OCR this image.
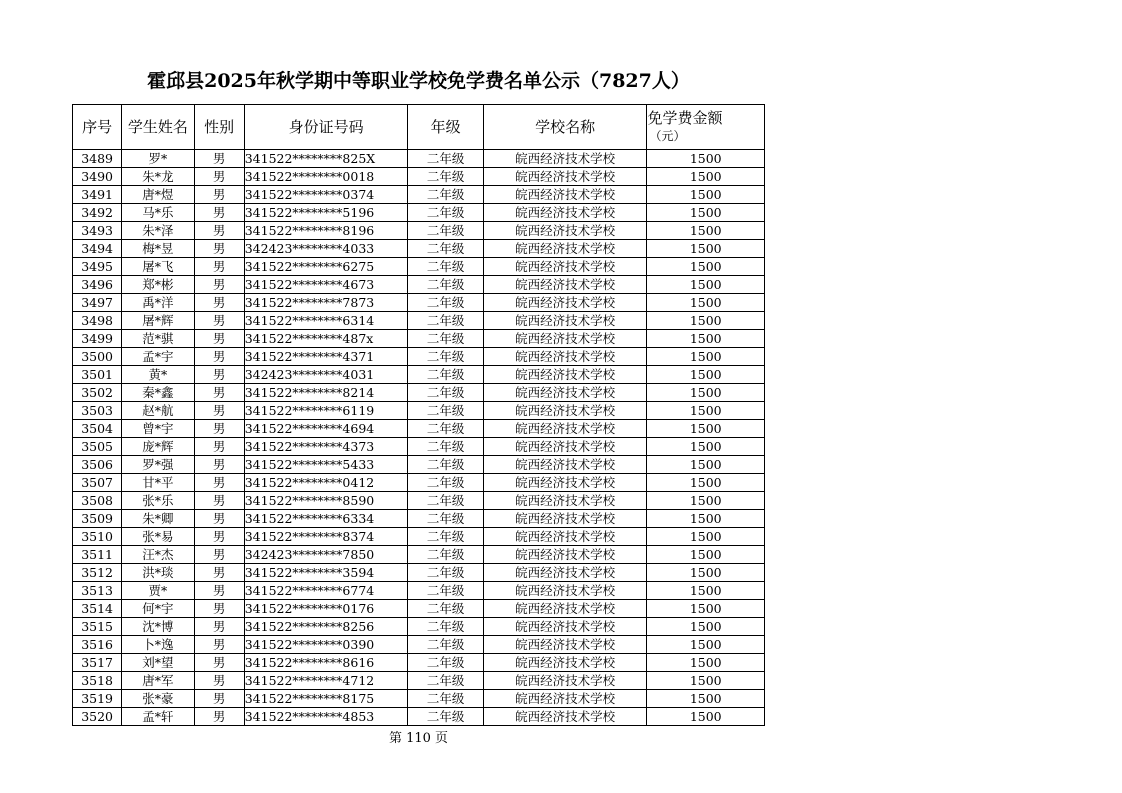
霍邱县2025年秋学期中等职业学校免学费名单公示（7827人）
序号	学生姓名	性别	身份证号码	年级	学校名称	免学费金额
（元）

3489	罗*	男	341522********825X	二年级	皖西经济技术学校	1500
3490	朱*龙	男	341522********0018	二年级	皖西经济技术学校	1500
3491	唐*煜	男	341522********0374	二年级	皖西经济技术学校	1500
3492	马*乐	男	341522********5196	二年级	皖西经济技术学校	1500
3493	朱*泽	男	341522********8196	二年级	皖西经济技术学校	1500
3494	梅*昱	男	342423********4033	二年级	皖西经济技术学校	1500
3495	屠*飞	男	341522********6275	二年级	皖西经济技术学校	1500
3496	郑*彬	男	341522********4673	二年级	皖西经济技术学校	1500
3497	禹*洋	男	341522********7873	二年级	皖西经济技术学校	1500
3498	屠*辉	男	341522********6314	二年级	皖西经济技术学校	1500
3499	范*骐	男	341522********487x	二年级	皖西经济技术学校	1500
3500	孟*宇	男	341522********4371	二年级	皖西经济技术学校	1500
3501	黄*	男	342423********4031	二年级	皖西经济技术学校	1500
3502	秦*鑫	男	341522********8214	二年级	皖西经济技术学校	1500
3503	赵*航	男	341522********6119	二年级	皖西经济技术学校	1500
3504	曾*宇	男	341522********4694	二年级	皖西经济技术学校	1500
3505	庞*辉	男	341522********4373	二年级	皖西经济技术学校	1500
3506	罗*强	男	341522********5433	二年级	皖西经济技术学校	1500
3507	甘*平	男	341522********0412	二年级	皖西经济技术学校	1500
3508	张*乐	男	341522********8590	二年级	皖西经济技术学校	1500
3509	朱*卿	男	341522********6334	二年级	皖西经济技术学校	1500
3510	张*易	男	341522********8374	二年级	皖西经济技术学校	1500
3511	汪*杰	男	342423********7850	二年级	皖西经济技术学校	1500
3512	洪*琰	男	341522********3594	二年级	皖西经济技术学校	1500
3513	贾*	男	341522********6774	二年级	皖西经济技术学校	1500
3514	何*宇	男	341522********0176	二年级	皖西经济技术学校	1500
3515	沈*博	男	341522********8256	二年级	皖西经济技术学校	1500
3516	卜*逸	男	341522********0390	二年级	皖西经济技术学校	1500
3517	刘*望	男	341522********8616	二年级	皖西经济技术学校	1500
3518	唐*军	男	341522********4712	二年级	皖西经济技术学校	1500
3519	张*豪	男	341522********8175	二年级	皖西经济技术学校	1500
3520	孟*轩	男	341522********4853	二年级	皖西经济技术学校	1500
第 110 页
